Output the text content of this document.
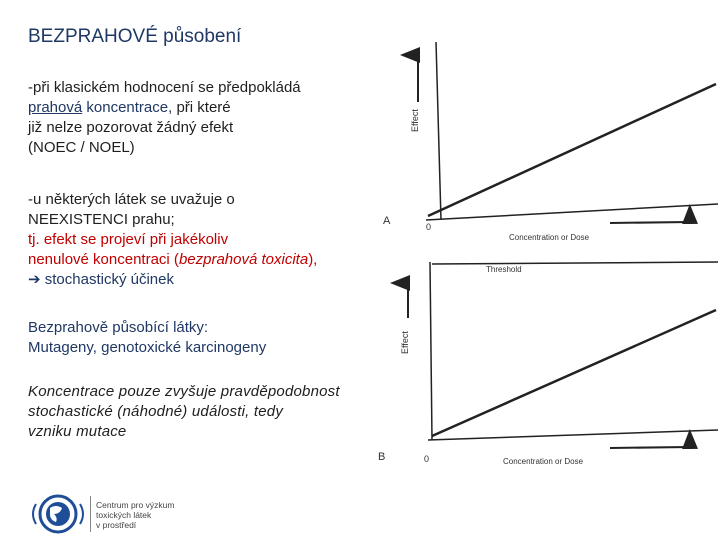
BEZPRAHOVÉ působení
-při klasickém hodnocení se předpokládá
prahová koncentrace, při které
již nelze pozorovat žádný efekt
(NOEC / NOEL)
-u některých látek se uvažuje o
NEEXISTENCI prahu;
tj. efekt se projeví při jakékoliv
nenulové koncentraci (bezprahová toxicita),
➔ stochastický účinek
Bezprahově působící látky:
Mutageny, genotoxické karcinogeny
Koncentrace pouze zvyšuje pravděpodobnost
stochastické (náhodné) události, tedy
vzniku mutace
Effect
0
Concentration or Dose
A
Threshold
Effect
0	Concentration or Dose
B
Centrum pro výzkum
toxických látek
v prostředí
